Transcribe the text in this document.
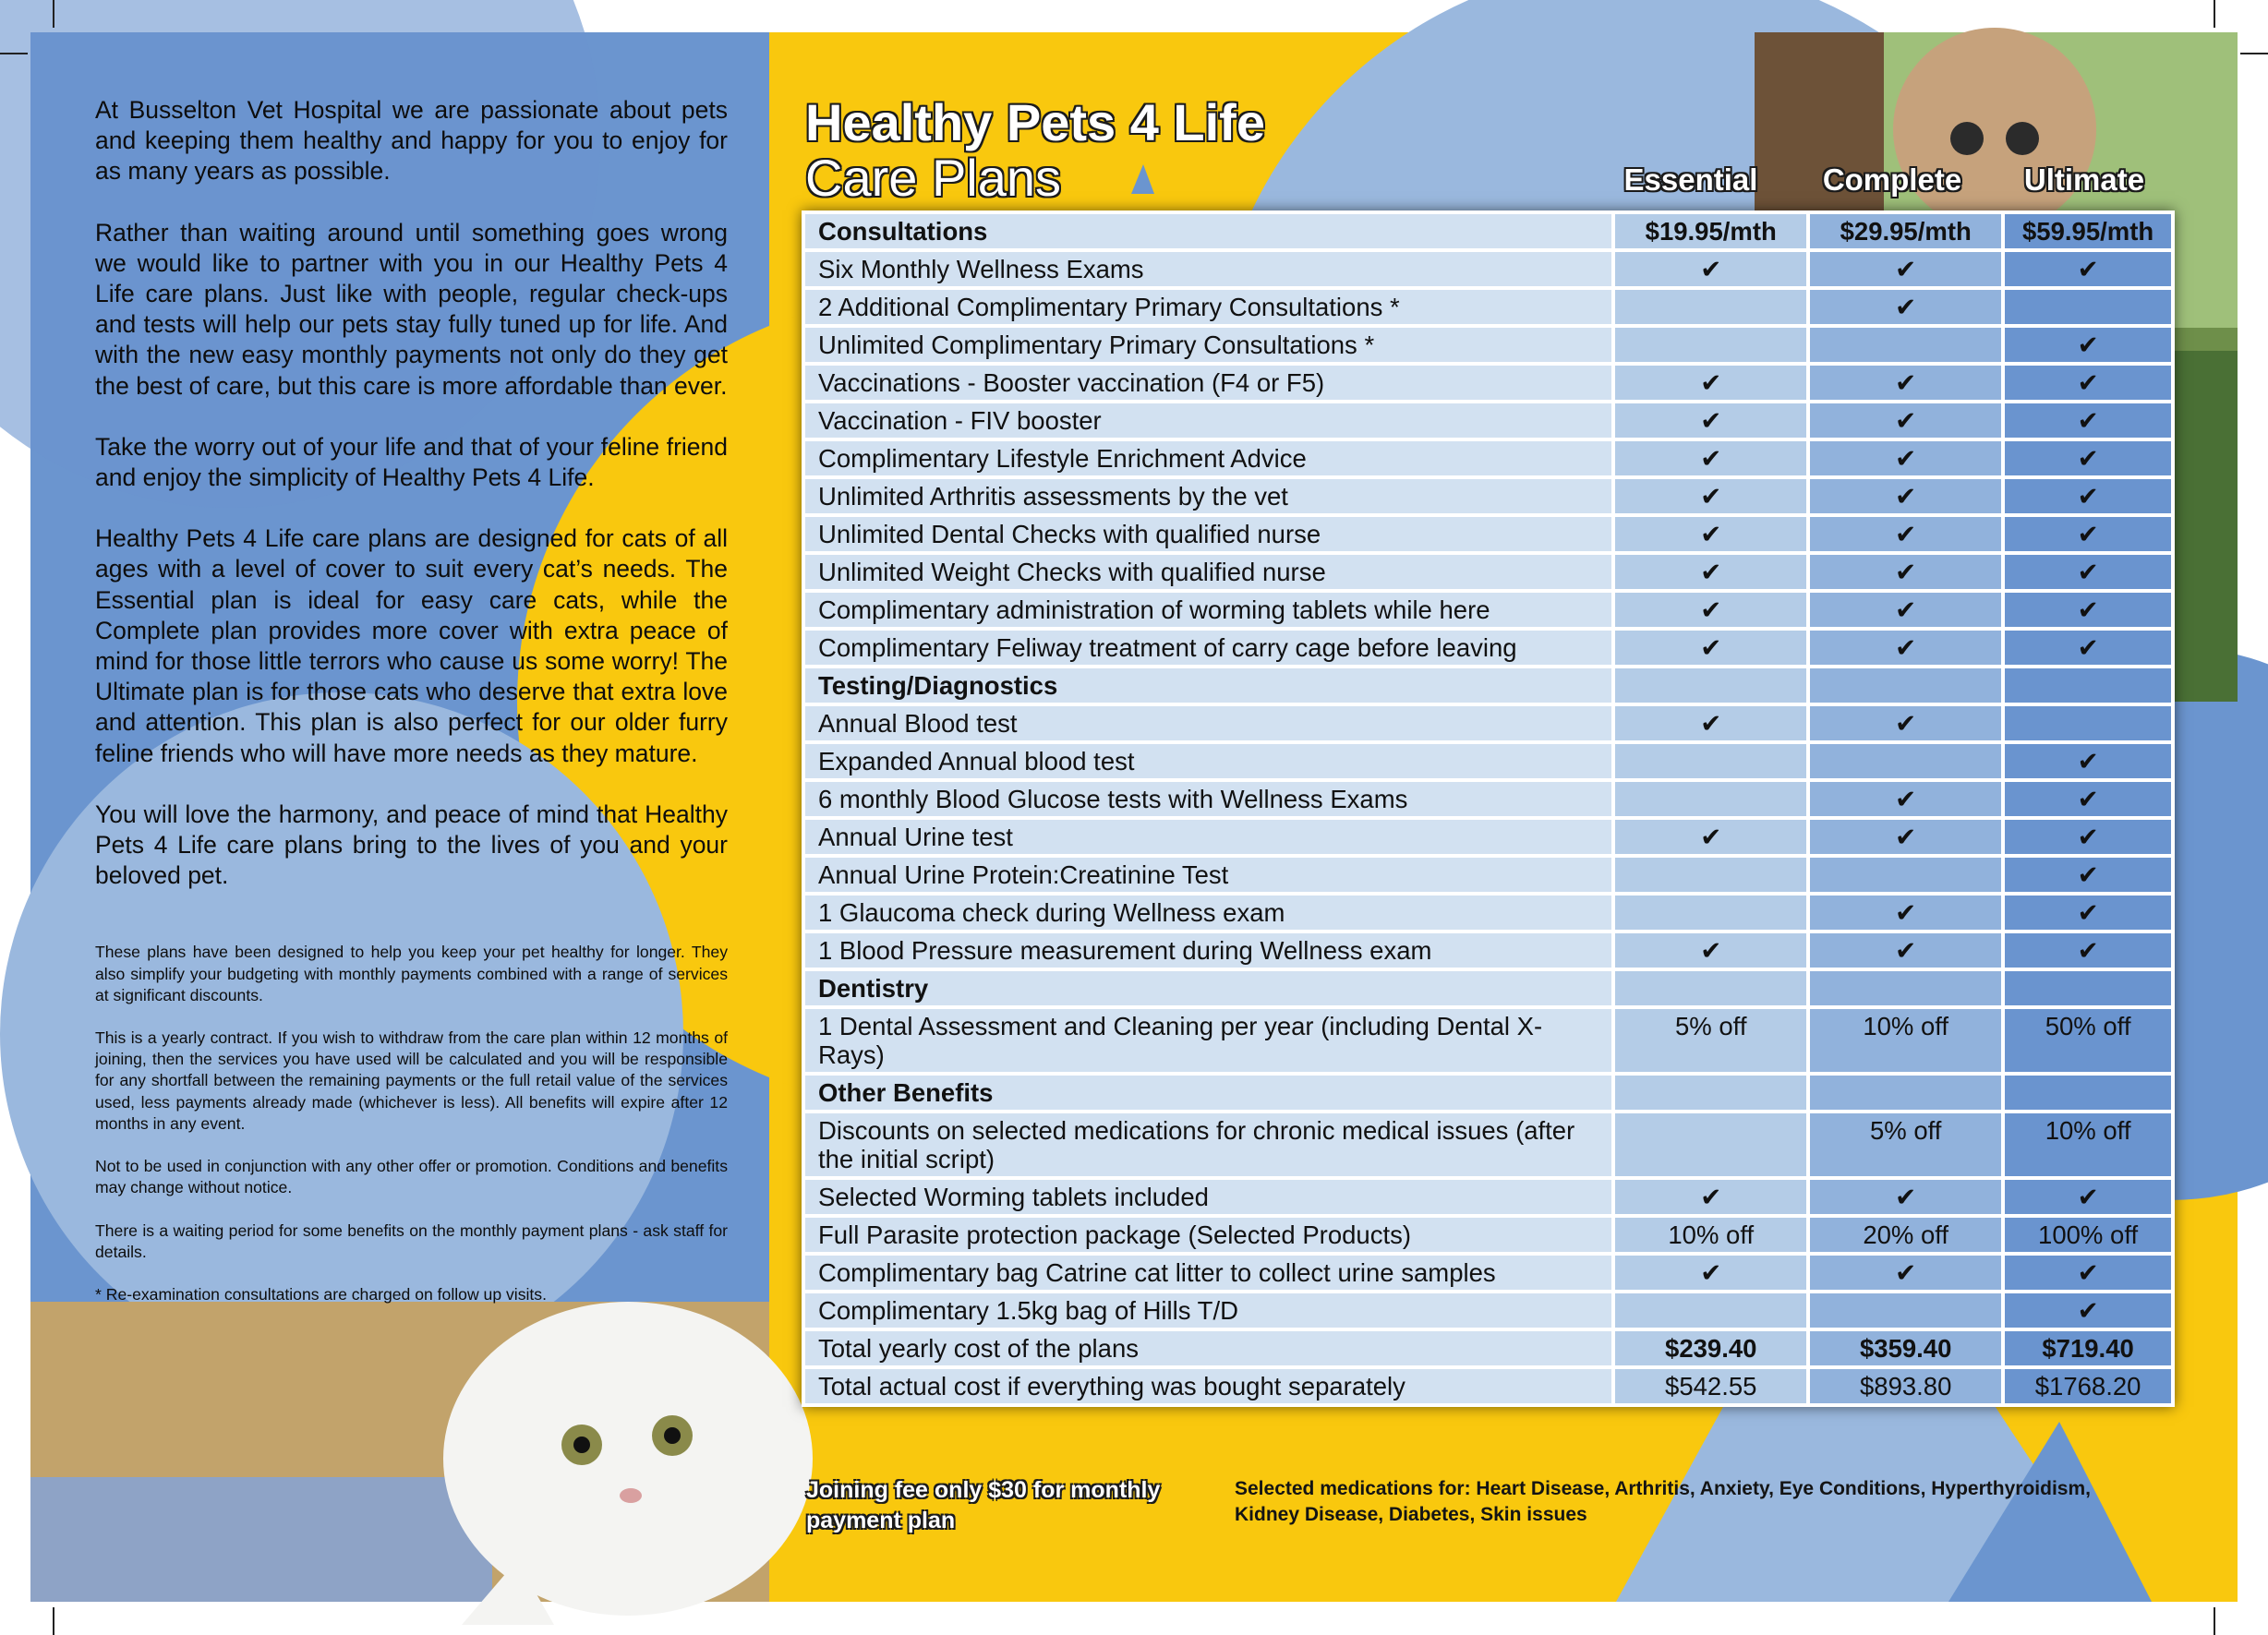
At Busselton Vet Hospital we are passionate about pets and keeping them healthy and happy for you to enjoy for as many years as possible.

Rather than waiting around until something goes wrong we would like to partner with you in our Healthy Pets 4 Life care plans. Just like with people, regular check-ups and tests will help our pets stay fully tuned up for life. And with the new easy monthly payments not only do they get the best of care, but this care is more affordable than ever.

Take the worry out of your life and that of your feline friend and enjoy the simplicity of Healthy Pets 4 Life.

Healthy Pets 4 Life care plans are designed for cats of all ages with a level of cover to suit every cat’s needs. The Essential plan is ideal for easy care cats, while the Complete plan provides more cover with extra peace of mind for those little terrors who cause us some worry! The Ultimate plan is for those cats who deserve that extra love and attention. This plan is also perfect for our older furry feline friends who will have more needs as they mature.

You will love the harmony, and peace of mind that Healthy Pets 4 Life care plans bring to the lives of you and your beloved pet.

These plans have been designed to help you keep your pet healthy for longer. They also simplify your budgeting with monthly payments combined with a range of services at significant discounts.

This is a yearly contract. If you wish to withdraw from the care plan within 12 months of joining, then the services you have used will be calculated and you will be responsible for any shortfall between the remaining payments or the full retail value of the services used, less payments already made (whichever is less). All benefits will expire after 12 months in any event.

Not to be used in conjunction with any other offer or promotion. Conditions and benefits may change without notice.

There is a waiting period for some benefits on the monthly payment plans - ask staff for details.

* Re-examination consultations are charged on follow up visits.

Healthy Pets 4 Life
Care Plans	Essential	Complete	Ultimate
Consultations	$19.95/mth	$29.95/mth	$59.95/mth
Six Monthly Wellness Exams	✔	✔	✔
2 Additional Complimentary Primary Consultations *		✔	
Unlimited Complimentary Primary Consultations *			✔
Vaccinations - Booster vaccination (F4 or F5)	✔	✔	✔
Vaccination - FIV booster	✔	✔	✔
Complimentary Lifestyle Enrichment Advice	✔	✔	✔
Unlimited Arthritis assessments by the vet	✔	✔	✔
Unlimited Dental Checks with qualified nurse	✔	✔	✔
Unlimited Weight Checks with qualified nurse	✔	✔	✔
Complimentary administration of worming tablets while here	✔	✔	✔
Complimentary Feliway treatment of carry cage before leaving	✔	✔	✔
Testing/Diagnostics			
Annual Blood test	✔	✔	
Expanded Annual blood test			✔
6 monthly Blood Glucose tests with Wellness Exams		✔	✔
Annual Urine test	✔	✔	✔
Annual Urine Protein:Creatinine Test			✔
1 Glaucoma check during Wellness exam		✔	✔
1 Blood Pressure measurement during Wellness exam	✔	✔	✔
Dentistry			
1 Dental Assessment and Cleaning per year (including Dental X-Rays)	5% off	10% off	50% off
Other Benefits			
Discounts on selected medications for chronic medical issues (after the initial script)		5% off	10% off
Selected Worming tablets included	✔	✔	✔
Full Parasite protection package (Selected Products)	10% off	20% off	100% off
Complimentary bag Catrine cat litter to collect urine samples	✔	✔	✔
Complimentary 1.5kg bag of Hills T/D			✔
Total yearly cost of the plans	$239.40	$359.40	$719.40
Total actual cost if everything was bought separately	$542.55	$893.80	$1768.20
Joining fee only $30 for monthly payment plan
Selected medications for: Heart Disease, Arthritis, Anxiety, Eye Conditions, Hyperthyroidism, Kidney Disease, Diabetes, Skin issues
